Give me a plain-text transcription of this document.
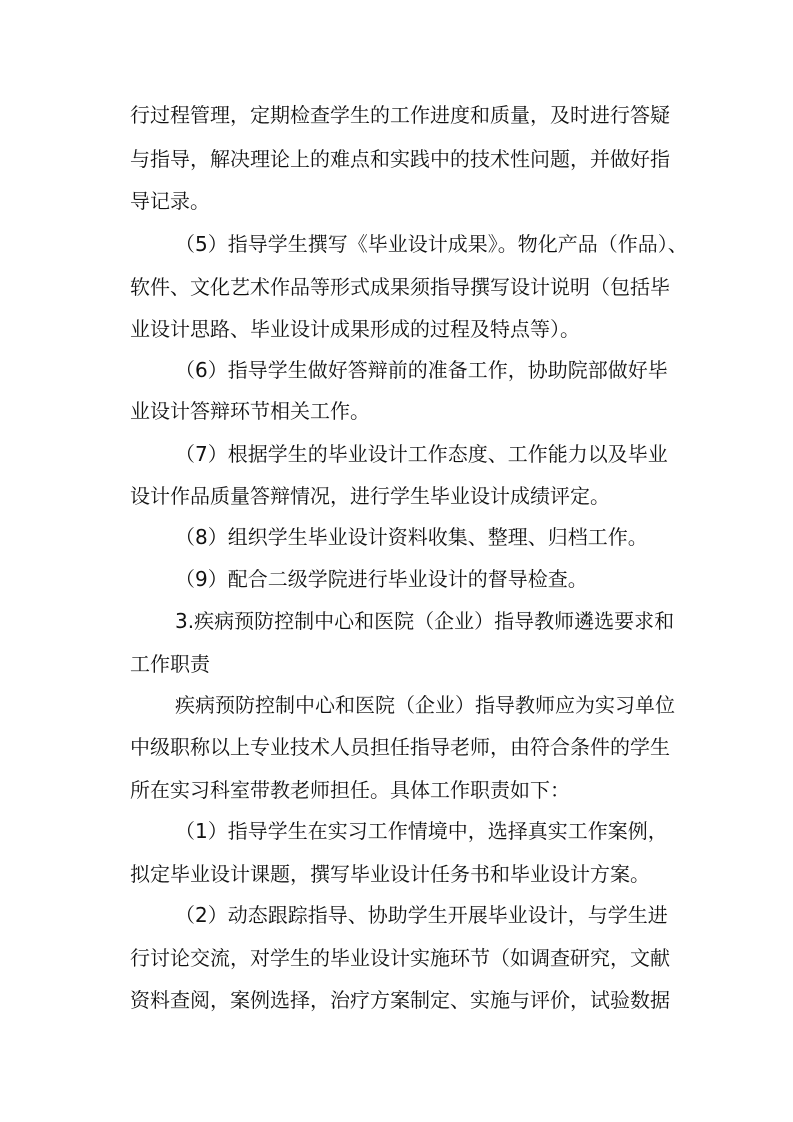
行过程管理，定期检查学生的工作进度和质量，及时进行答疑
与指导，解决理论上的难点和实践中的技术性问题，并做好指
导记录。
（5）指导学生撰写《毕业设计成果》。物化产品（作品）、
软件、文化艺术作品等形式成果须指导撰写设计说明（包括毕
业设计思路、毕业设计成果形成的过程及特点等）。
（6）指导学生做好答辩前的准备工作，协助院部做好毕
业设计答辩环节相关工作。
（7）根据学生的毕业设计工作态度、工作能力以及毕业
设计作品质量答辩情况，进行学生毕业设计成绩评定。
（8）组织学生毕业设计资料收集、整理、归档工作。
（9）配合二级学院进行毕业设计的督导检查。
3.疾病预防控制中心和医院（企业）指导教师遴选要求和
工作职责
疾病预防控制中心和医院（企业）指导教师应为实习单位
中级职称以上专业技术人员担任指导老师，由符合条件的学生
所在实习科室带教老师担任。具体工作职责如下：
（1）指导学生在实习工作情境中，选择真实工作案例，
拟定毕业设计课题，撰写毕业设计任务书和毕业设计方案。
（2）动态跟踪指导、协助学生开展毕业设计，与学生进
行讨论交流，对学生的毕业设计实施环节（如调查研究，文献
资料查阅，案例选择，治疗方案制定、实施与评价，试验数据
